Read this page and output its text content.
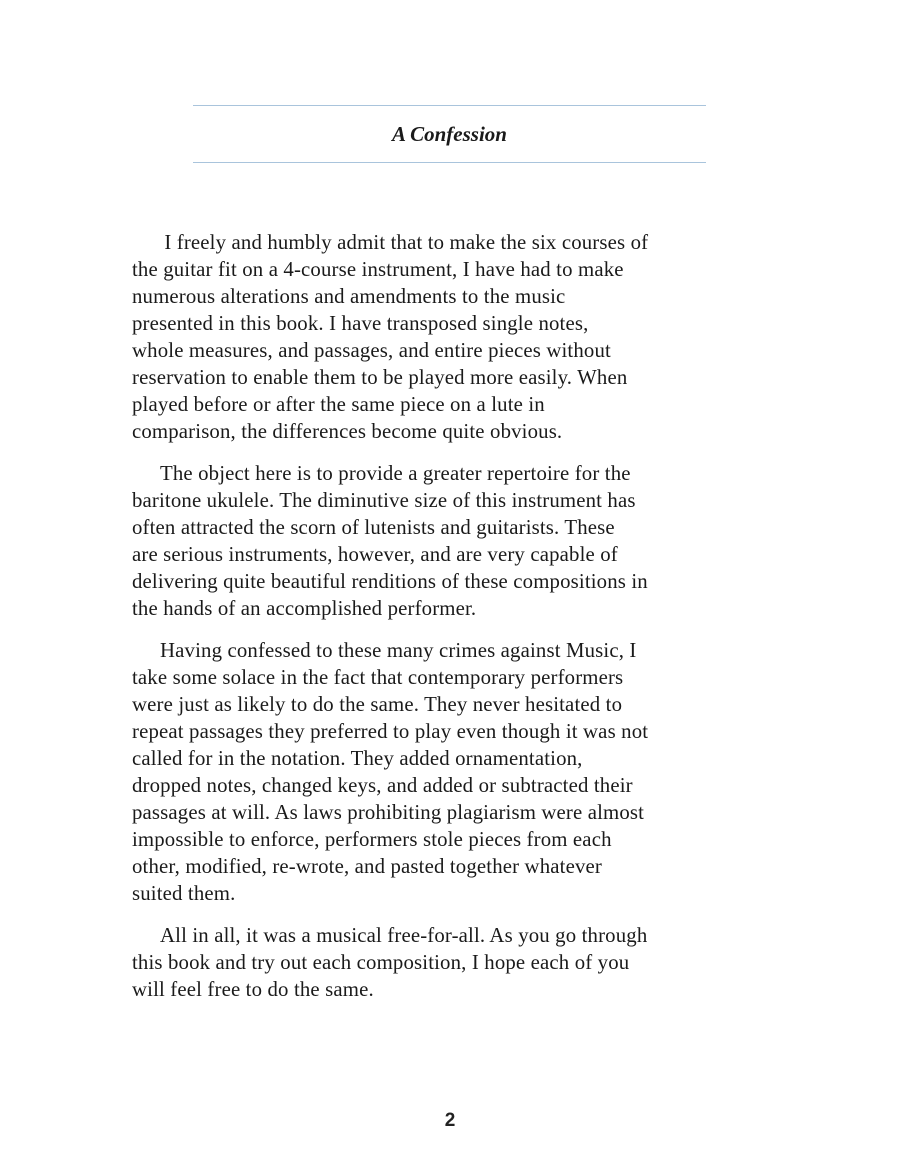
A Confession

I freely and humbly admit that to make the six courses of
the guitar fit on a 4-course instrument, I have had to make
numerous alterations and amendments to the music
presented in this book. I have transposed single notes,
whole measures, and passages, and entire pieces without
reservation to enable them to be played more easily. When
played before or after the same piece on a lute in
comparison, the differences become quite obvious.

The object here is to provide a greater repertoire for the
baritone ukulele. The diminutive size of this instrument has
often attracted the scorn of lutenists and guitarists. These
are serious instruments, however, and are very capable of
delivering quite beautiful renditions of these compositions in
the hands of an accomplished performer.

Having confessed to these many crimes against Music, I
take some solace in the fact that contemporary performers
were just as likely to do the same. They never hesitated to
repeat passages they preferred to play even though it was not
called for in the notation. They added ornamentation,
dropped notes, changed keys, and added or subtracted their
passages at will. As laws prohibiting plagiarism were almost
impossible to enforce, performers stole pieces from each
other, modified, re-wrote, and pasted together whatever
suited them.

All in all, it was a musical free-for-all. As you go through
this book and try out each composition, I hope each of you
will feel free to do the same.

2
